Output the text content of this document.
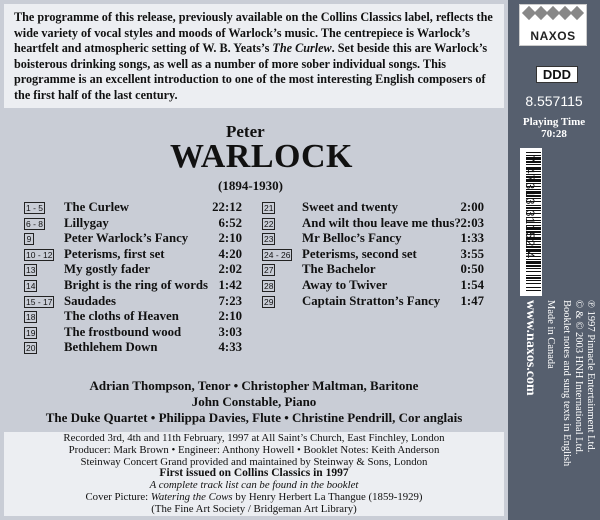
The programme of this release, previously available on the Collins Classics label, reflects the wide variety of vocal styles and moods of Warlock’s music. The centrepiece is Warlock’s heartfelt and atmospheric setting of W. B. Yeats’s The Curlew. Set beside this are Warlock’s boisterous drinking songs, as well as a number of more sober individual songs. This programme is an excellent introduction to one of the most interesting English composers of the first half of the last century.
Peter
WARLOCK
(1894-1930)
1 - 5 The Curlew	22:12
6 - 8 Lillygay	6:52
9	Peter Warlock’s Fancy 2:10
10 - 12 Peterisms, first set	4:20
13 My gostly fader	2:02
14 Bright is the ring of words 1:42
15 - 17 Saudades	7:23
18 The cloths of Heaven	2:10
19 The frostbound wood	3:03
20 Bethlehem Down	4:33
21 Sweet and twenty	2:00
22 And wilt thou leave me thus? 2:03
23 Mr Belloc’s Fancy	1:33
24 - 26 Peterisms, second set	3:55
27 The Bachelor	0:50
28 Away to Twiver	1:54
29 Captain Stratton’s Fancy 1:47
Adrian Thompson, Tenor • Christopher Maltman, Baritone
John Constable, Piano
The Duke Quartet • Philippa Davies, Flute • Christine Pendrill, Cor anglais
Recorded 3rd, 4th and 11th February, 1997 at All Saint’s Church, East Finchley, London
Producer: Mark Brown • Engineer: Anthony Howell • Booklet Notes: Keith Anderson
Steinway Concert Grand provided and maintained by Steinway & Sons, London
First issued on Collins Classics in 1997
A complete track list can be found in the booklet
Cover Picture: Watering the Cows by Henry Herbert La Thangue (1859-1929)
(The Fine Art Society / Bridgeman Art Library)
NAXOS
DDD
8.557115
Playing Time
70:28
7 47313 31152 4
℗ 1997 Pinnacle Entertainment Ltd.
© & © 2003 HNH International Ltd.
Booklet notes and sung texts in English
Made in Canada
www.naxos.com
